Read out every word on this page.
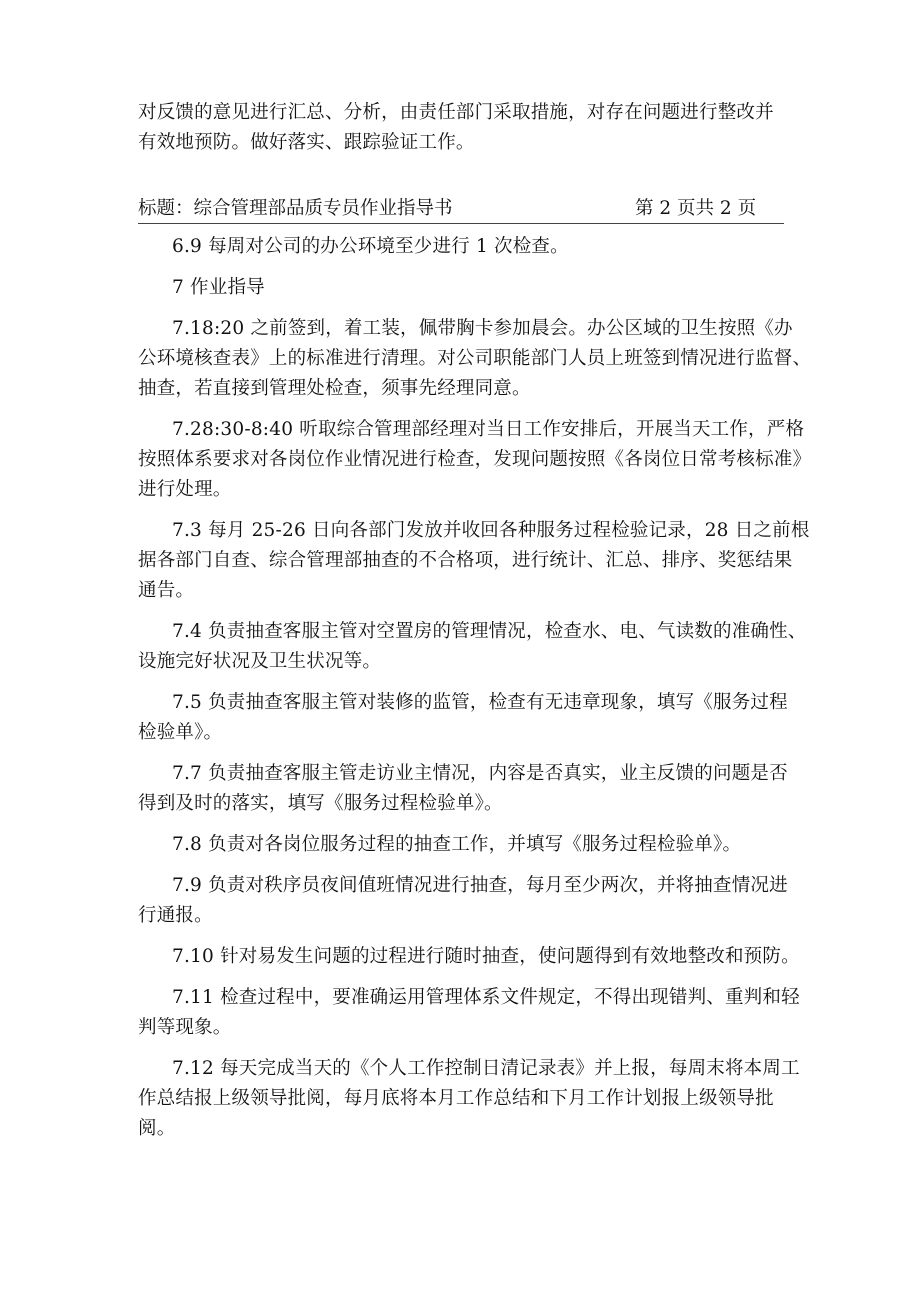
对反馈的意见进行汇总、分析，由责任部门采取措施，对存在问题进行整改并
有效地预防。做好落实、跟踪验证工作。
标题：综合管理部品质专员作业指导书	第 2 页共 2 页
6.9 每周对公司的办公环境至少进行 1 次检查。
7 作业指导
7.18:20 之前签到，着工装，佩带胸卡参加晨会。办公区域的卫生按照《办
公环境核查表》上的标准进行清理。对公司职能部门人员上班签到情况进行监督、
抽查，若直接到管理处检查，须事先经理同意。
7.28:30-8:40 听取综合管理部经理对当日工作安排后，开展当天工作，严格
按照体系要求对各岗位作业情况进行检查，发现问题按照《各岗位日常考核标准》
进行处理。
7.3 每月 25-26 日向各部门发放并收回各种服务过程检验记录，28 日之前根
据各部门自查、综合管理部抽查的不合格项，进行统计、汇总、排序、奖惩结果
通告。
7.4 负责抽查客服主管对空置房的管理情况，检查水、电、气读数的准确性、
设施完好状况及卫生状况等。
7.5 负责抽查客服主管对装修的监管，检查有无违章现象，填写《服务过程
检验单》。
7.7 负责抽查客服主管走访业主情况，内容是否真实，业主反馈的问题是否
得到及时的落实，填写《服务过程检验单》。
7.8 负责对各岗位服务过程的抽查工作，并填写《服务过程检验单》。
7.9 负责对秩序员夜间值班情况进行抽查，每月至少两次，并将抽查情况进
行通报。
7.10 针对易发生问题的过程进行随时抽查，使问题得到有效地整改和预防。
7.11 检查过程中，要准确运用管理体系文件规定，不得出现错判、重判和轻
判等现象。
7.12 每天完成当天的《个人工作控制日清记录表》并上报，每周末将本周工
作总结报上级领导批阅，每月底将本月工作总结和下月工作计划报上级领导批
阅。
